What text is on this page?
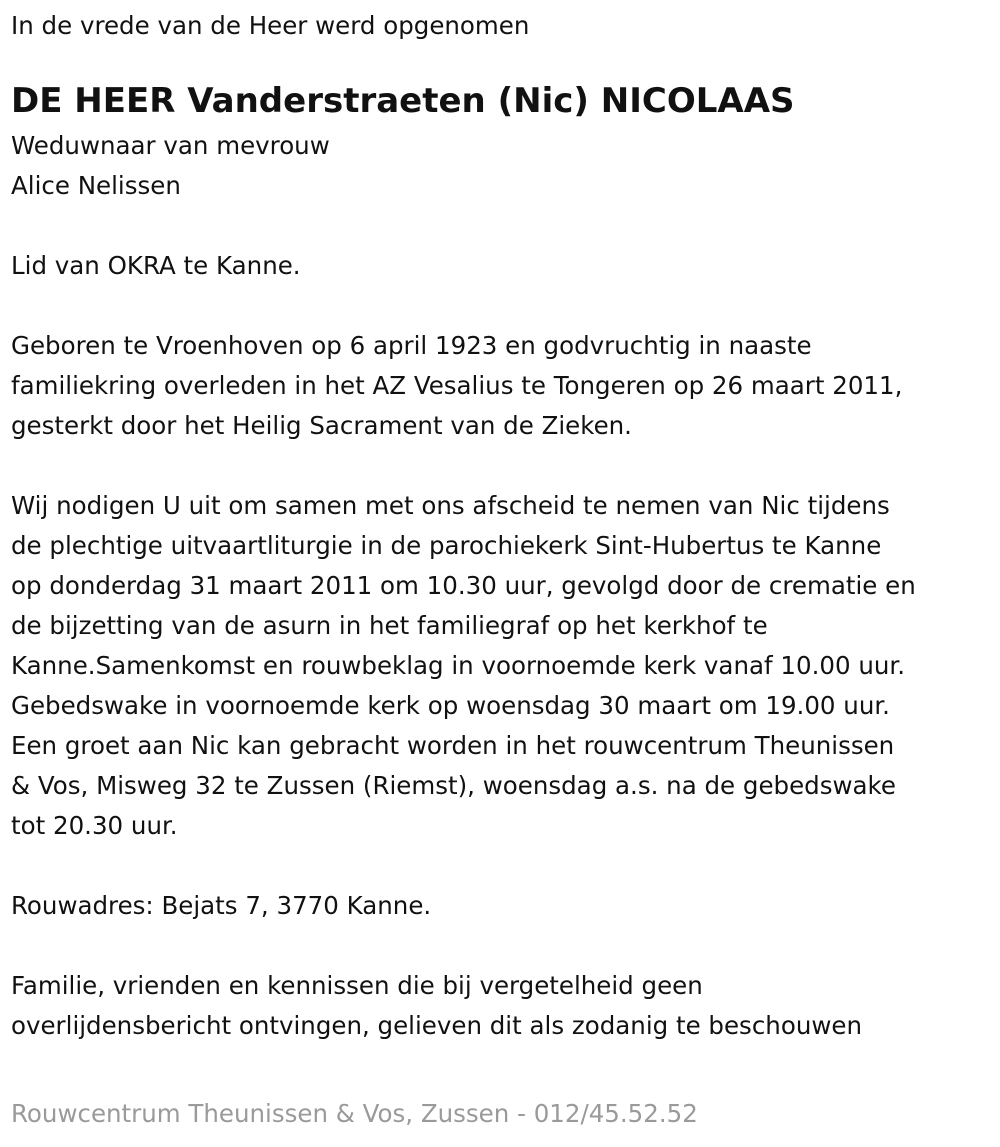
In de vrede van de Heer werd opgenomen
DE HEER Vanderstraeten (Nic) NICOLAAS
Weduwnaar van mevrouw
Alice Nelissen
Lid van OKRA te Kanne.
Geboren te Vroenhoven op 6 april 1923 en godvruchtig in naaste
familiekring overleden in het AZ Vesalius te Tongeren op 26 maart 2011,
gesterkt door het Heilig Sacrament van de Zieken.
Wij nodigen U uit om samen met ons afscheid te nemen van Nic tijdens
de plechtige uitvaartliturgie in de parochiekerk Sint-Hubertus te Kanne
op donderdag 31 maart 2011 om 10.30 uur, gevolgd door de crematie en
de bijzetting van de asurn in het familiegraf op het kerkhof te
Kanne.Samenkomst en rouwbeklag in voornoemde kerk vanaf 10.00 uur.
Gebedswake in voornoemde kerk op woensdag 30 maart om 19.00 uur.
Een groet aan Nic kan gebracht worden in het rouwcentrum Theunissen
& Vos, Misweg 32 te Zussen (Riemst), woensdag a.s. na de gebedswake
tot 20.30 uur.
Rouwadres: Bejats 7, 3770 Kanne.
Familie, vrienden en kennissen die bij vergetelheid geen
overlijdensbericht ontvingen, gelieven dit als zodanig te beschouwen
Rouwcentrum Theunissen & Vos, Zussen - 012/45.52.52
